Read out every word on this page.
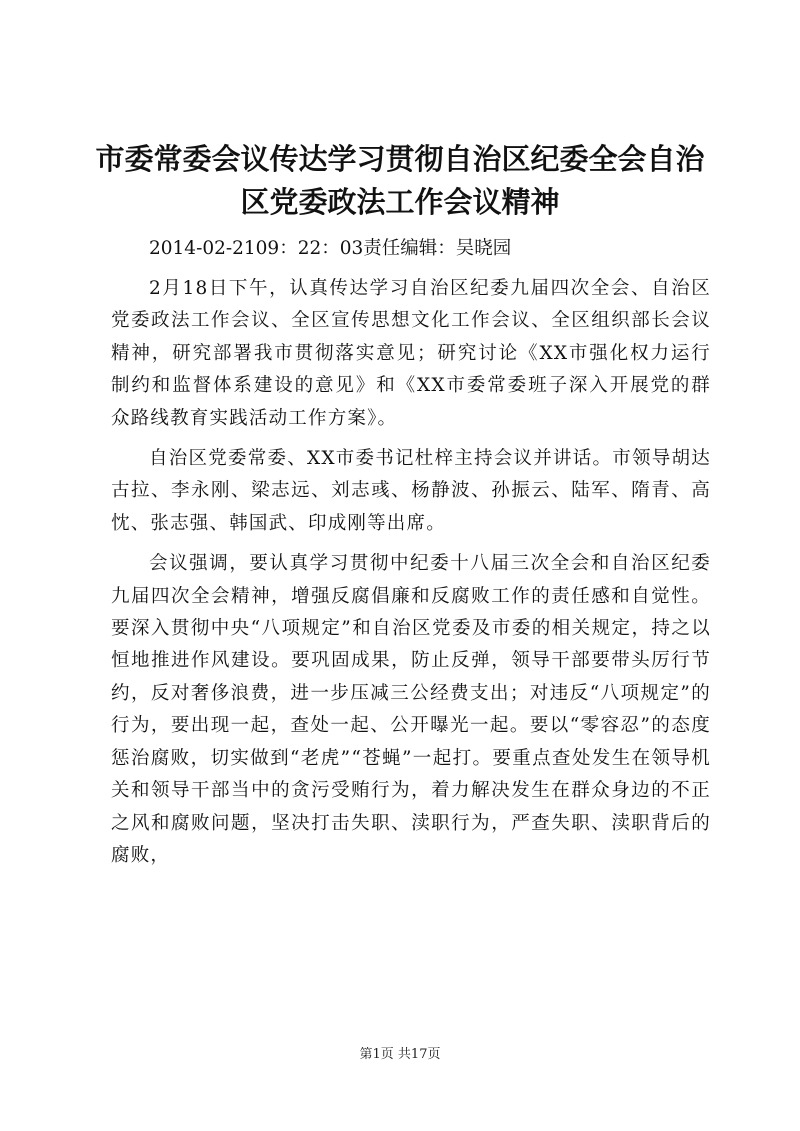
市委常委会议传达学习贯彻自治区纪委全会自治区党委政法工作会议精神

2014-02-2109：22：03责任编辑：吴晓园

2月18日下午，认真传达学习自治区纪委九届四次全会、自治区党委政法工作会议、全区宣传思想文化工作会议、全区组织部长会议精神，研究部署我市贯彻落实意见；研究讨论《XX市强化权力运行制约和监督体系建设的意见》和《XX市委常委班子深入开展党的群众路线教育实践活动工作方案》。

自治区党委常委、XX市委书记杜梓主持会议并讲话。市领导胡达古拉、李永刚、梁志远、刘志彧、杨静波、孙振云、陆军、隋青、高忱、张志强、韩国武、印成刚等出席。

会议强调，要认真学习贯彻中纪委十八届三次全会和自治区纪委九届四次全会精神，增强反腐倡廉和反腐败工作的责任感和自觉性。要深入贯彻中央“八项规定”和自治区党委及市委的相关规定，持之以恒地推进作风建设。要巩固成果，防止反弹，领导干部要带头厉行节约，反对奢侈浪费，进一步压减三公经费支出；对违反“八项规定”的行为，要出现一起，查处一起、公开曝光一起。要以“零容忍”的态度惩治腐败，切实做到“老虎”“苍蝇”一起打。要重点查处发生在领导机关和领导干部当中的贪污受贿行为，着力解决发生在群众身边的不正之风和腐败问题，坚决打击失职、渎职行为，严查失职、渎职背后的腐败，

第1页 共17页
